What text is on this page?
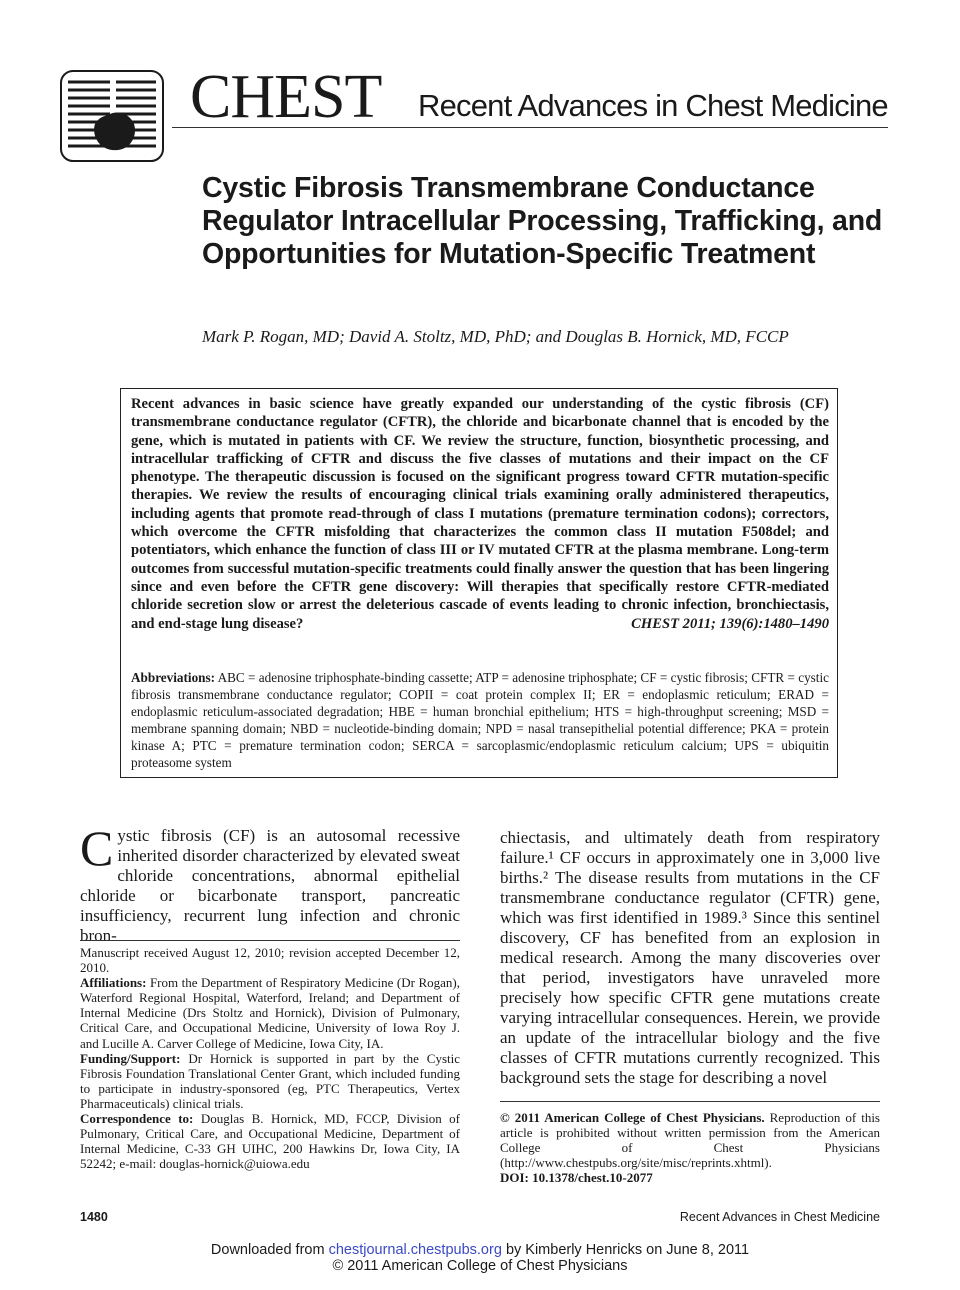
CHEST Recent Advances in Chest Medicine
Cystic Fibrosis Transmembrane Conductance Regulator Intracellular Processing, Trafficking, and Opportunities for Mutation-Specific Treatment
Mark P. Rogan, MD; David A. Stoltz, MD, PhD; and Douglas B. Hornick, MD, FCCP
Recent advances in basic science have greatly expanded our understanding of the cystic fibrosis (CF) transmembrane conductance regulator (CFTR), the chloride and bicarbonate channel that is encoded by the gene, which is mutated in patients with CF. We review the structure, function, biosynthetic processing, and intracellular trafficking of CFTR and discuss the five classes of mutations and their impact on the CF phenotype. The therapeutic discussion is focused on the significant progress toward CFTR mutation-specific therapies. We review the results of encouraging clinical trials examining orally administered therapeutics, including agents that promote read-through of class I mutations (premature termination codons); correctors, which overcome the CFTR misfolding that characterizes the common class II mutation F508del; and potentiators, which enhance the function of class III or IV mutated CFTR at the plasma membrane. Long-term outcomes from successful mutation-specific treatments could finally answer the question that has been lingering since and even before the CFTR gene discovery: Will therapies that specifically restore CFTR-mediated chloride secretion slow or arrest the deleterious cascade of events leading to chronic infection, bronchiectasis, and end-stage lung disease?	CHEST 2011; 139(6):1480–1490
Abbreviations: ABC = adenosine triphosphate-binding cassette; ATP = adenosine triphosphate; CF = cystic fibrosis; CFTR = cystic fibrosis transmembrane conductance regulator; COPII = coat protein complex II; ER = endoplasmic reticulum; ERAD = endoplasmic reticulum-associated degradation; HBE = human bronchial epithelium; HTS = high-throughput screening; MSD = membrane spanning domain; NBD = nucleotide-binding domain; NPD = nasal transepithelial potential difference; PKA = protein kinase A; PTC = premature termination codon; SERCA = sarcoplasmic/endoplasmic reticulum calcium; UPS = ubiquitin proteasome system
Cystic fibrosis (CF) is an autosomal recessive inherited disorder characterized by elevated sweat chloride concentrations, abnormal epithelial chloride or bicarbonate transport, pancreatic insufficiency, recurrent lung infection and chronic bron-

Manuscript received August 12, 2010; revision accepted December 12, 2010.

Affiliations: From the Department of Respiratory Medicine (Dr Rogan), Waterford Regional Hospital, Waterford, Ireland; and Department of Internal Medicine (Drs Stoltz and Hornick), Division of Pulmonary, Critical Care, and Occupational Medicine, University of Iowa Roy J. and Lucille A. Carver College of Medicine, Iowa City, IA.

Funding/Support: Dr Hornick is supported in part by the Cystic Fibrosis Foundation Translational Center Grant, which included funding to participate in industry-sponsored (eg, PTC Therapeutics, Vertex Pharmaceuticals) clinical trials.

Correspondence to: Douglas B. Hornick, MD, FCCP, Division of Pulmonary, Critical Care, and Occupational Medicine, Department of Internal Medicine, C-33 GH UIHC, 200 Hawkins Dr, Iowa City, IA 52242; e-mail: douglas-hornick@uiowa.edu

chiectasis, and ultimately death from respiratory failure.¹ CF occurs in approximately one in 3,000 live births.² The disease results from mutations in the CF transmembrane conductance regulator (CFTR) gene, which was first identified in 1989.³ Since this sentinel discovery, CF has benefited from an explosion in medical research. Among the many discoveries over that period, investigators have unraveled more precisely how specific CFTR gene mutations create varying intracellular consequences. Herein, we provide an update of the intracellular biology and the five classes of CFTR mutations currently recognized. This background sets the stage for describing a novel

© 2011 American College of Chest Physicians. Reproduction of this article is prohibited without written permission from the American College of Chest Physicians (http://www.chestpubs.org/site/misc/reprints.xhtml).

DOI: 10.1378/chest.10-2077

1480	Recent Advances in Chest Medicine
Downloaded from chestjournal.chestpubs.org by Kimberly Henricks on June 8, 2011
© 2011 American College of Chest Physicians
